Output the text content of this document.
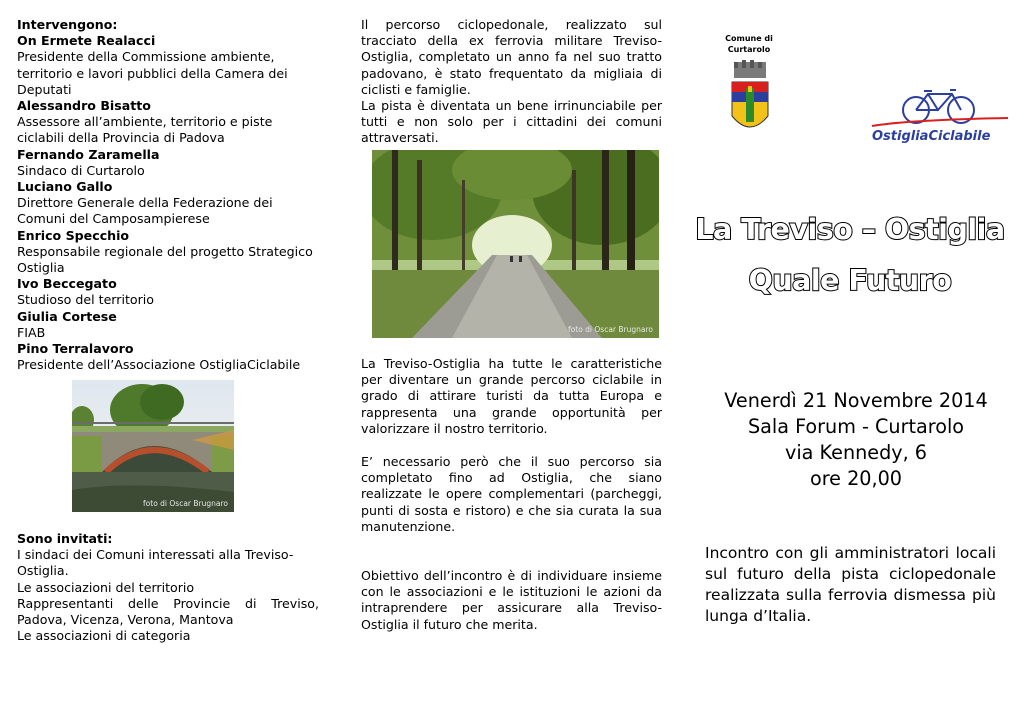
Intervengono:

On Ermete Realacci

Presidente della Commissione ambiente, territorio e lavori pubblici della Camera dei Deputati

Alessandro Bisatto

Assessore all’ambiente, territorio e piste ciclabili della Provincia di Padova

Fernando Zaramella

Sindaco di Curtarolo

Luciano Gallo

Direttore Generale della Federazione dei Comuni del Camposampierese

Enrico Specchio

Responsabile regionale del progetto Strategico Ostiglia

Ivo Beccegato

Studioso del territorio

Giulia Cortese

FIAB

Pino Terralavoro

Presidente dell’Associazione OstigliaCiclabile

foto di Oscar Brugnaro

Sono invitati:

I sindaci dei Comuni interessati alla Treviso-Ostiglia.

Le associazioni del territorio

Rappresentanti delle Provincie di Treviso, Padova, Vicenza, Verona, Mantova

Le associazioni di categoria

Il percorso ciclopedonale, realizzato sul tracciato della ex ferrovia militare Treviso-Ostiglia, completato un anno fa nel suo tratto padovano, è stato frequentato da migliaia di ciclisti e famiglie.

La pista è diventata un bene irrinunciabile per tutti e non solo per i cittadini dei comuni attraversati.

foto di Oscar Brugnaro

La Treviso-Ostiglia ha tutte le caratteristiche per diventare un grande percorso ciclabile in grado di attirare turisti da tutta Europa e rappresenta una grande opportunità per valorizzare il nostro territorio.

E’ necessario però che il suo percorso sia completato fino ad Ostiglia, che siano realizzate le opere complementari (parcheggi, punti di sosta e ristoro) e che sia curata la sua manutenzione.

Obiettivo dell’incontro è di individuare insieme con le associazioni e le istituzioni le azioni da intraprendere per assicurare alla Treviso-Ostiglia il futuro che merita.

Comune di
Curtarolo
OstigliaCiclabile
La Treviso – Ostiglia
Quale Futuro
Venerdì 21 Novembre 2014
Sala Forum - Curtarolo
via Kennedy, 6
ore 20,00

Incontro con gli amministratori locali sul futuro della pista ciclopedonale realizzata sulla ferrovia dismessa più lunga d’Italia.
